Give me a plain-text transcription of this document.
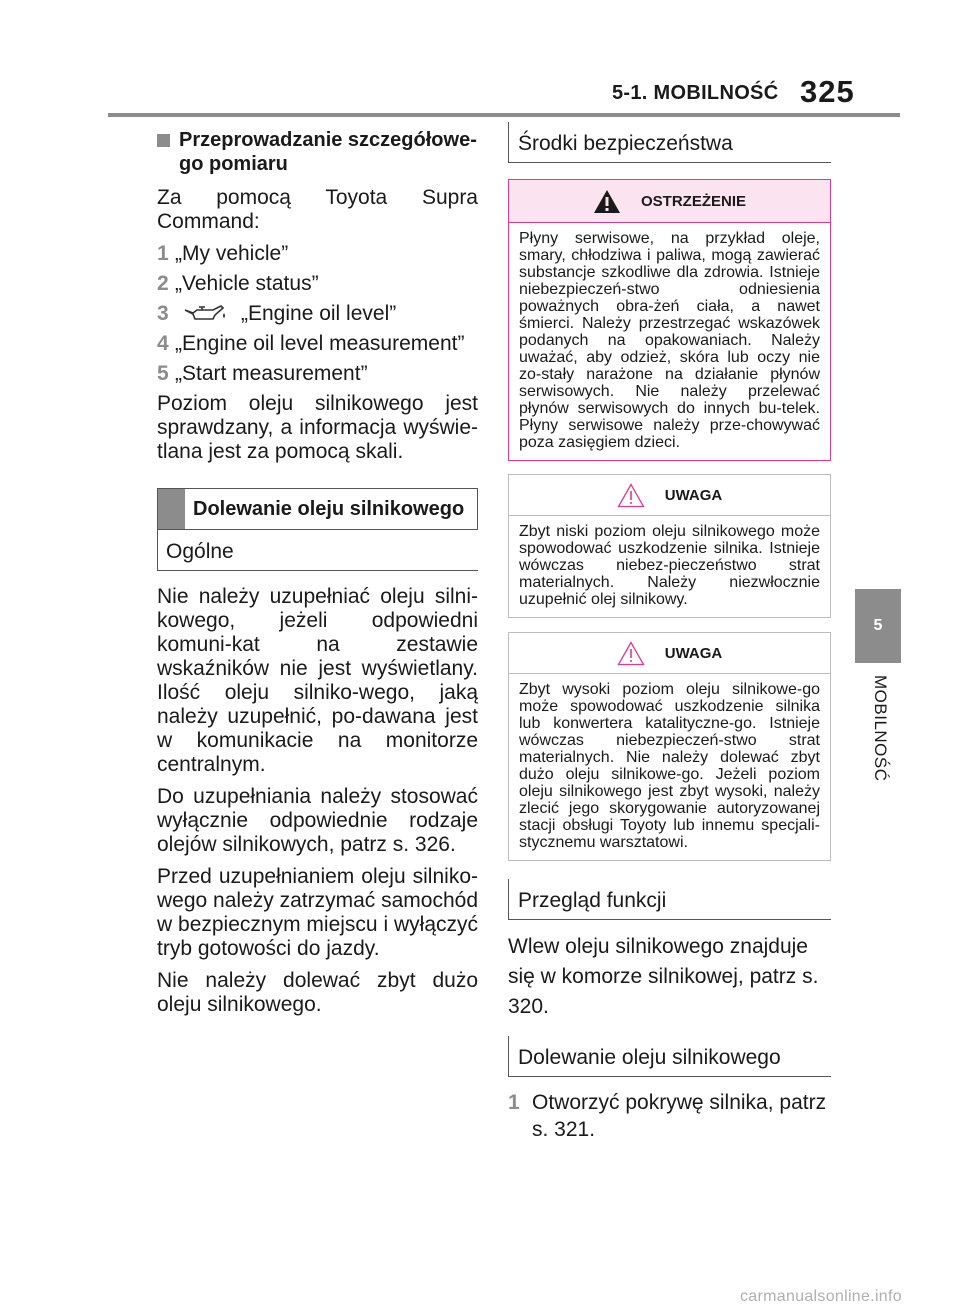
5-1. MOBILNOŚĆ 325
5
MOBILNOŚĆ
Przeprowadzanie szczegółowe-go pomiaru

Za pomocą Toyota Supra Command:

1 „My vehicle”
2 „Vehicle status”
3	„Engine oil level”
4 „Engine oil level measurement”
5 „Start measurement”

Poziom oleju silnikowego jest sprawdzany, a informacja wyświe-tlana jest za pomocą skali.

Dolewanie oleju silnikowego
Ogólne

Nie należy uzupełniać oleju silni-kowego, jeżeli odpowiedni komuni-kat na zestawie wskaźników nie jest wyświetlany. Ilość oleju silniko-wego, jaką należy uzupełnić, po-dawana jest w komunikacie na monitorze centralnym.

Do uzupełniania należy stosować wyłącznie odpowiednie rodzaje olejów silnikowych, patrz s. 326.

Przed uzupełnianiem oleju silniko-wego należy zatrzymać samochód w bezpiecznym miejscu i wyłączyć tryb gotowości do jazdy.

Nie należy dolewać zbyt dużo oleju silnikowego.

Środki bezpieczeństwa
OSTRZEŻENIE
Płyny serwisowe, na przykład oleje, smary, chłodziwa i paliwa, mogą zawierać substancje szkodliwe dla zdrowia. Istnieje niebezpieczeń-stwo odniesienia poważnych obra-żeń ciała, a nawet śmierci. Należy przestrzegać wskazówek podanych na opakowaniach. Należy uważać, aby odzież, skóra lub oczy nie zo-stały narażone na działanie płynów serwisowych. Nie należy przelewać płynów serwisowych do innych bu-telek. Płyny serwisowe należy prze-chowywać poza zasięgiem dzieci.
UWAGA
Zbyt niski poziom oleju silnikowego może spowodować uszkodzenie silnika. Istnieje wówczas niebez-pieczeństwo strat materialnych. Należy niezwłocznie uzupełnić olej silnikowy.
UWAGA
Zbyt wysoki poziom oleju silnikowe-go może spowodować uszkodzenie silnika lub konwertera katalityczne-go. Istnieje wówczas niebezpieczeń-stwo strat materialnych. Nie należy dolewać zbyt dużo oleju silnikowe-go. Jeżeli poziom oleju silnikowego jest zbyt wysoki, należy zlecić jego skorygowanie autoryzowanej stacji obsługi Toyoty lub innemu specjali-stycznemu warsztatowi.
Przegląd funkcji

Wlew oleju silnikowego znajduje się w komorze silnikowej, patrz s. 320.

Dolewanie oleju silnikowego
1 Otworzyć pokrywę silnika, patrz s. 321.
carmanualsonline.info
